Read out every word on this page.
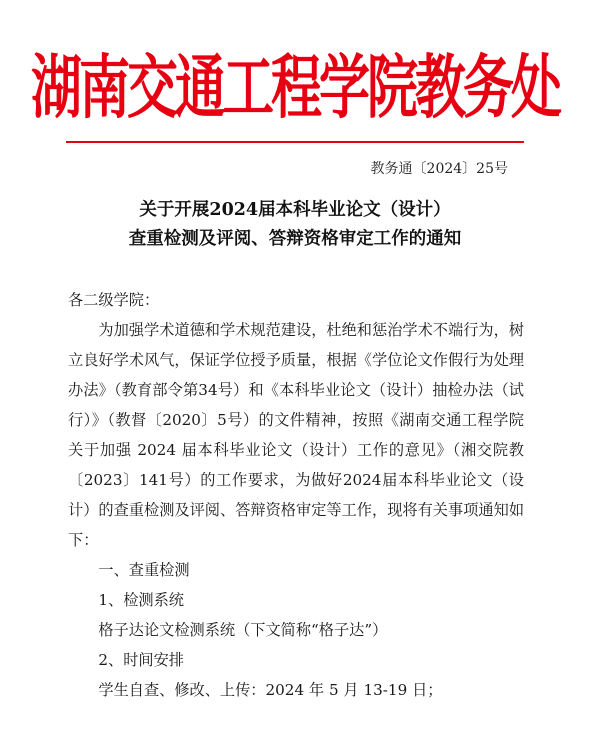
湖南交通工程学院教务处
教务通〔2024〕25号
关于开展2024届本科毕业论文（设计）
查重检测及评阅、答辩资格审定工作的通知

各二级学院：

为加强学术道德和学术规范建设，杜绝和惩治学术不端行为，树立良好学术风气，保证学位授予质量，根据《学位论文作假行为处理办法》（教育部令第34号）和《本科毕业论文（设计）抽检办法（试行）》（教督〔2020〕5号）的文件精神，按照《湖南交通工程学院关于加强 2024 届本科毕业论文（设计）工作的意见》（湘交院教〔2023〕141号）的工作要求，为做好2024届本科毕业论文（设计）的查重检测及评阅、答辩资格审定等工作，现将有关事项通知如下：

一、查重检测

1、检测系统

格子达论文检测系统（下文简称“格子达”）

2、时间安排

学生自查、修改、上传：2024 年 5 月 13-19 日；
